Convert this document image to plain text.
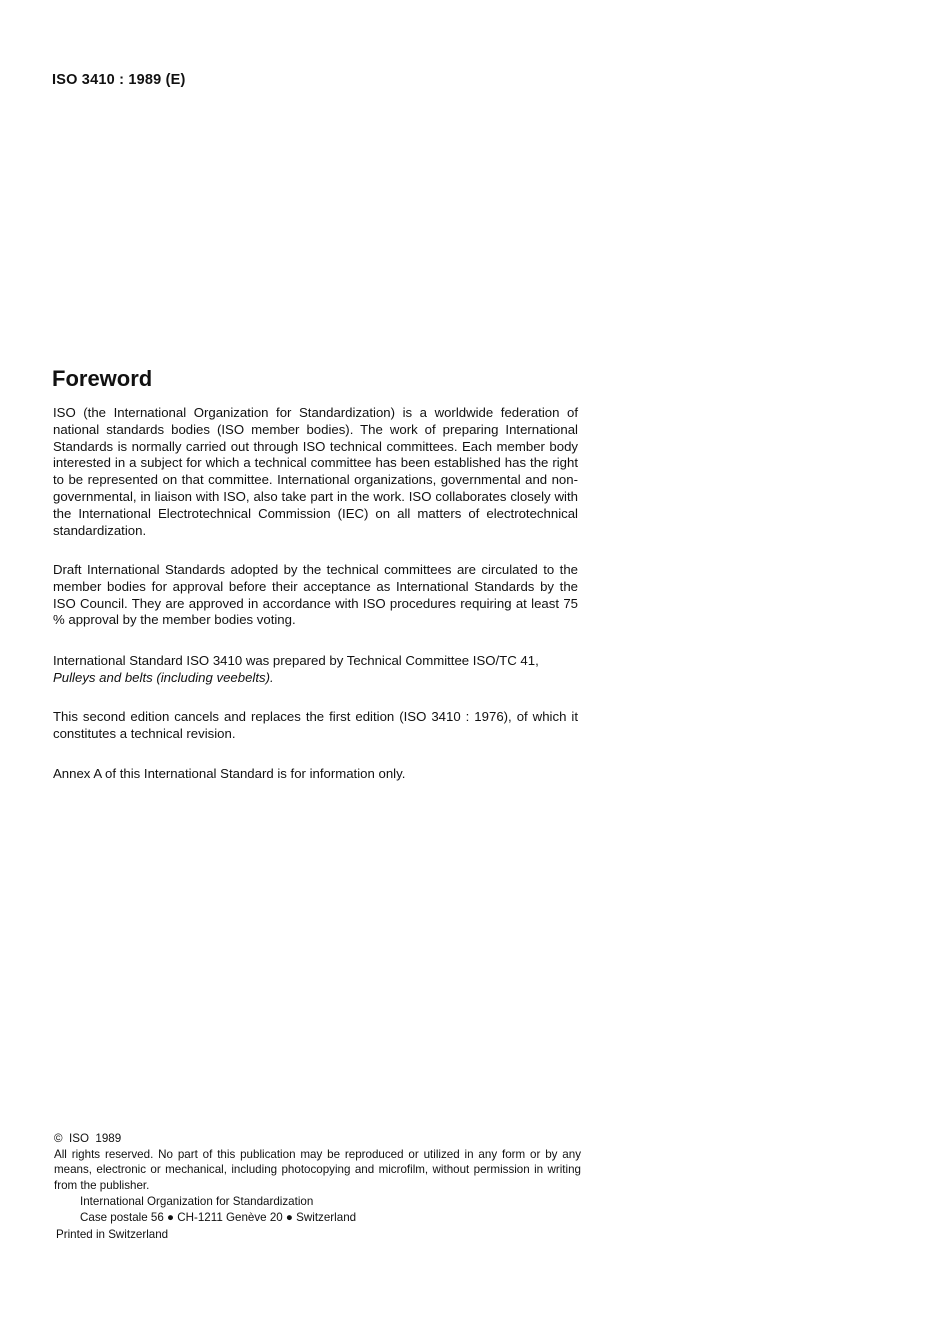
ISO 3410 : 1989 (E)
Foreword

ISO (the International Organization for Standardization) is a worldwide federation of national standards bodies (ISO member bodies). The work of preparing International Standards is normally carried out through ISO technical committees. Each member body interested in a subject for which a technical committee has been established has the right to be represented on that committee. International organizations, governmental and non-governmental, in liaison with ISO, also take part in the work. ISO collaborates closely with the International Electrotechnical Commission (IEC) on all matters of electrotechnical standardization.

Draft International Standards adopted by the technical committees are circulated to the member bodies for approval before their acceptance as International Standards by the ISO Council. They are approved in accordance with ISO procedures requiring at least 75 % approval by the member bodies voting.

International Standard ISO 3410 was prepared by Technical Committee ISO/TC 41,
Pulleys and belts (including veebelts).

This second edition cancels and replaces the first edition (ISO 3410 : 1976), of which it constitutes a technical revision.

Annex A of this International Standard is for information only.

©  ISO  1989

All rights reserved. No part of this publication may be reproduced or utilized in any form or by any means, electronic or mechanical, including photocopying and microfilm, without permission in writing from the publisher.

International Organization for Standardization
Case postale 56 ● CH-1211 Genève 20 ● Switzerland
Printed in Switzerland
